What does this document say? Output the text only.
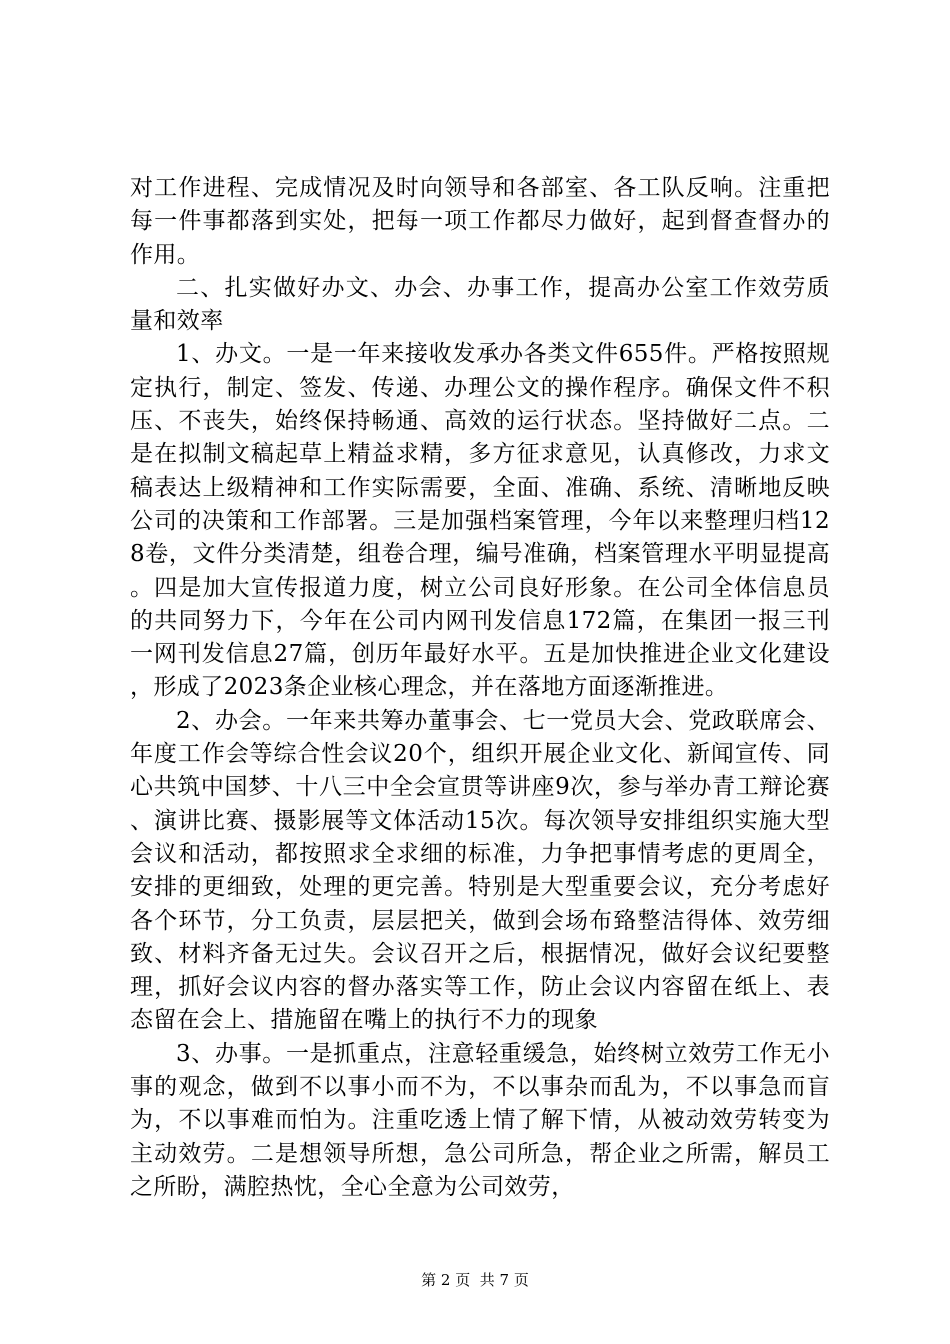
对工作进程、完成情况及时向领导和各部室、各工队反响。注重把每一件事都落到实处，把每一项工作都尽力做好，起到督查督办的作用。

二、扎实做好办文、办会、办事工作，提高办公室工作效劳质量和效率

1、办文。一是一年来接收发承办各类文件655件。严格按照规定执行，制定、签发、传递、办理公文的操作程序。确保文件不积压、不丧失，始终保持畅通、高效的运行状态。坚持做好二点。二是在拟制文稿起草上精益求精，多方征求意见，认真修改，力求文稿表达上级精神和工作实际需要，全面、准确、系统、清晰地反映公司的决策和工作部署。三是加强档案管理，今年以来整理归档128卷，文件分类清楚，组卷合理，编号准确，档案管理水平明显提高。四是加大宣传报道力度，树立公司良好形象。在公司全体信息员的共同努力下，今年在公司内网刊发信息172篇，在集团一报三刊一网刊发信息27篇，创历年最好水平。五是加快推进企业文化建设，形成了2023条企业核心理念，并在落地方面逐渐推进。

2、办会。一年来共筹办董事会、七一党员大会、党政联席会、年度工作会等综合性会议20个，组织开展企业文化、新闻宣传、同心共筑中国梦、十八三中全会宣贯等讲座9次，参与举办青工辩论赛、演讲比赛、摄影展等文体活动15次。每次领导安排组织实施大型会议和活动，都按照求全求细的标准，力争把事情考虑的更周全，安排的更细致，处理的更完善。特别是大型重要会议，充分考虑好各个环节，分工负责，层层把关，做到会场布臵整洁得体、效劳细致、材料齐备无过失。会议召开之后，根据情况，做好会议纪要整理，抓好会议内容的督办落实等工作，防止会议内容留在纸上、表态留在会上、措施留在嘴上的执行不力的现象

3、办事。一是抓重点，注意轻重缓急，始终树立效劳工作无小事的观念，做到不以事小而不为，不以事杂而乱为，不以事急而盲为，不以事难而怕为。注重吃透上情了解下情，从被动效劳转变为主动效劳。二是想领导所想，急公司所急，帮企业之所需，解员工之所盼，满腔热忱，全心全意为公司效劳，

第 2 页  共 7 页
